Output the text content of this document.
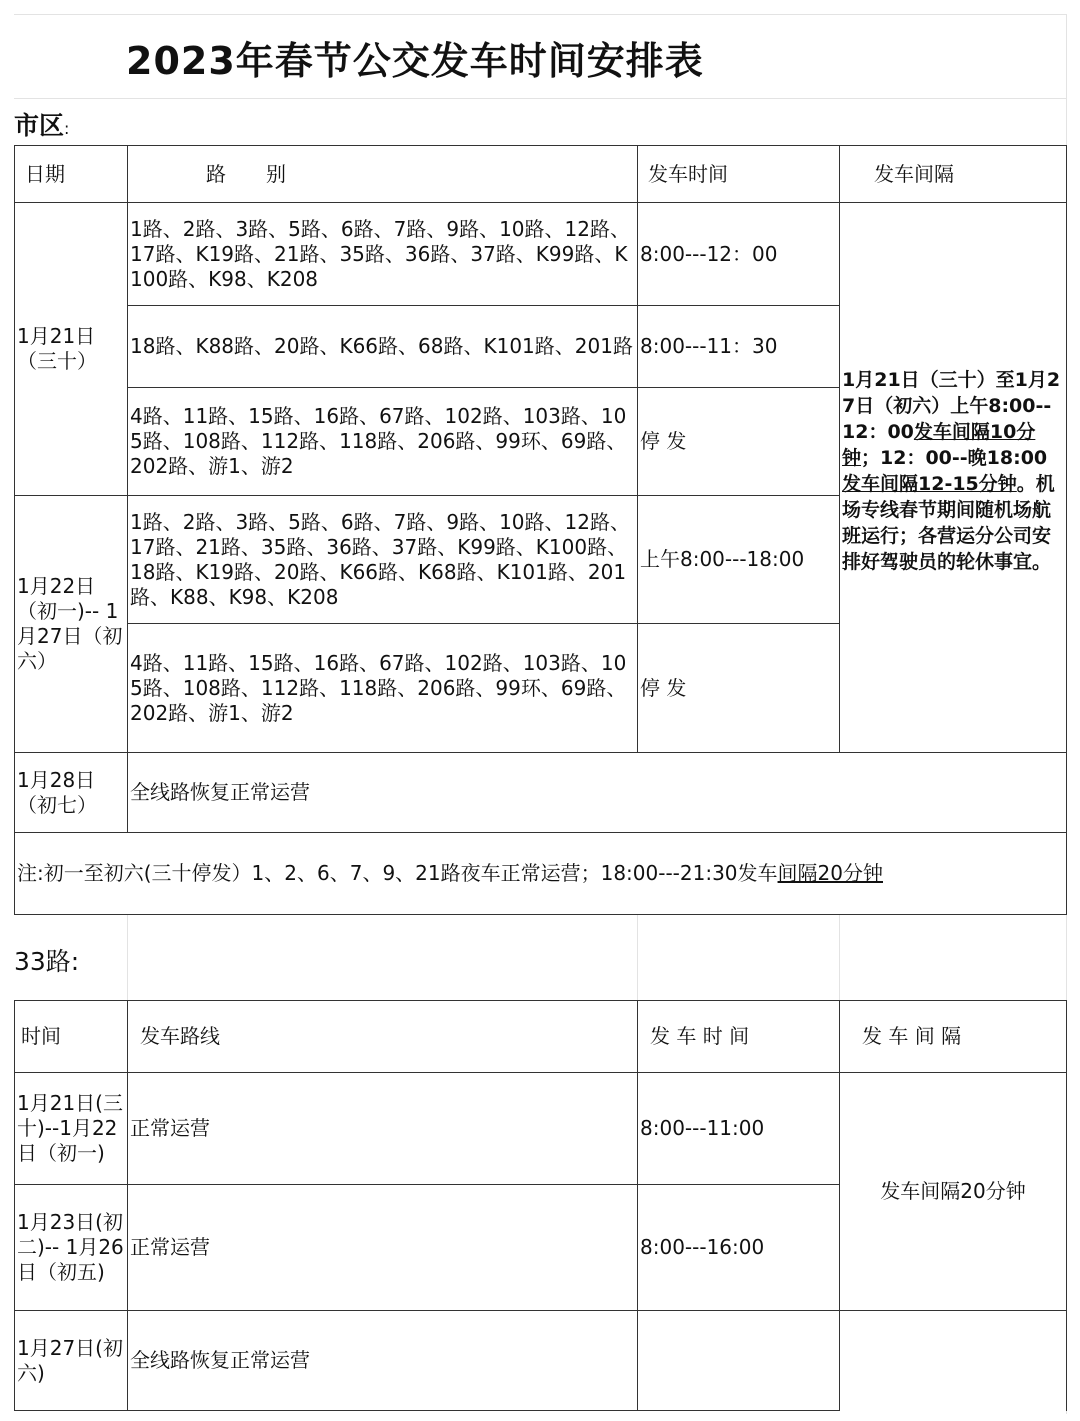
2023年春节公交发车时间安排表
市区:
日期	路　　别	发车时间	发车间隔
1月21日（三十）	1路、2路、3路、5路、6路、7路、9路、10路、12路、17路、K19路、21路、35路、36路、37路、K99路、K100路、K98、K208	8:00---12：00	1月21日（三十）至1月27日（初六）上午8:00--12：00发车间隔10分钟；12：00--晚18:00发车间隔12-15分钟。机场专线春节期间随机场航班运行；各营运分公司安排好驾驶员的轮休事宜。
	18路、K88路、20路、K66路、68路、K101路、201路	8:00---11：30	
	4路、11路、15路、16路、67路、102路、103路、105路、108路、112路、118路、206路、99环、69路、202路、游1、游2	停 发	
1月22日（初一)-- 1月27日（初六）	1路、2路、3路、5路、6路、7路、9路、10路、12路、17路、21路、35路、36路、37路、K99路、K100路、18路、K19路、20路、K66路、K68路、K101路、201路、K88、K98、K208	上午8:00---18:00	
	4路、11路、15路、16路、67路、102路、103路、105路、108路、112路、118路、206路、99环、69路、202路、游1、游2	停 发	
1月28日（初七）	全线路恢复正常运营		
注:初一至初六(三十停发）1、2、6、7、9、21路夜车正常运营；18:00---21:30发车间隔20分钟			
33路:
时间	发车路线	发 车 时 间	发 车 间 隔
1月21日(三十)--1月22日（初一)	正常运营	8:00---11:00	发车间隔20分钟
1月23日(初二)-- 1月26日（初五)	正常运营	8:00---16:00	
1月27日(初六)	全线路恢复正常运营		
